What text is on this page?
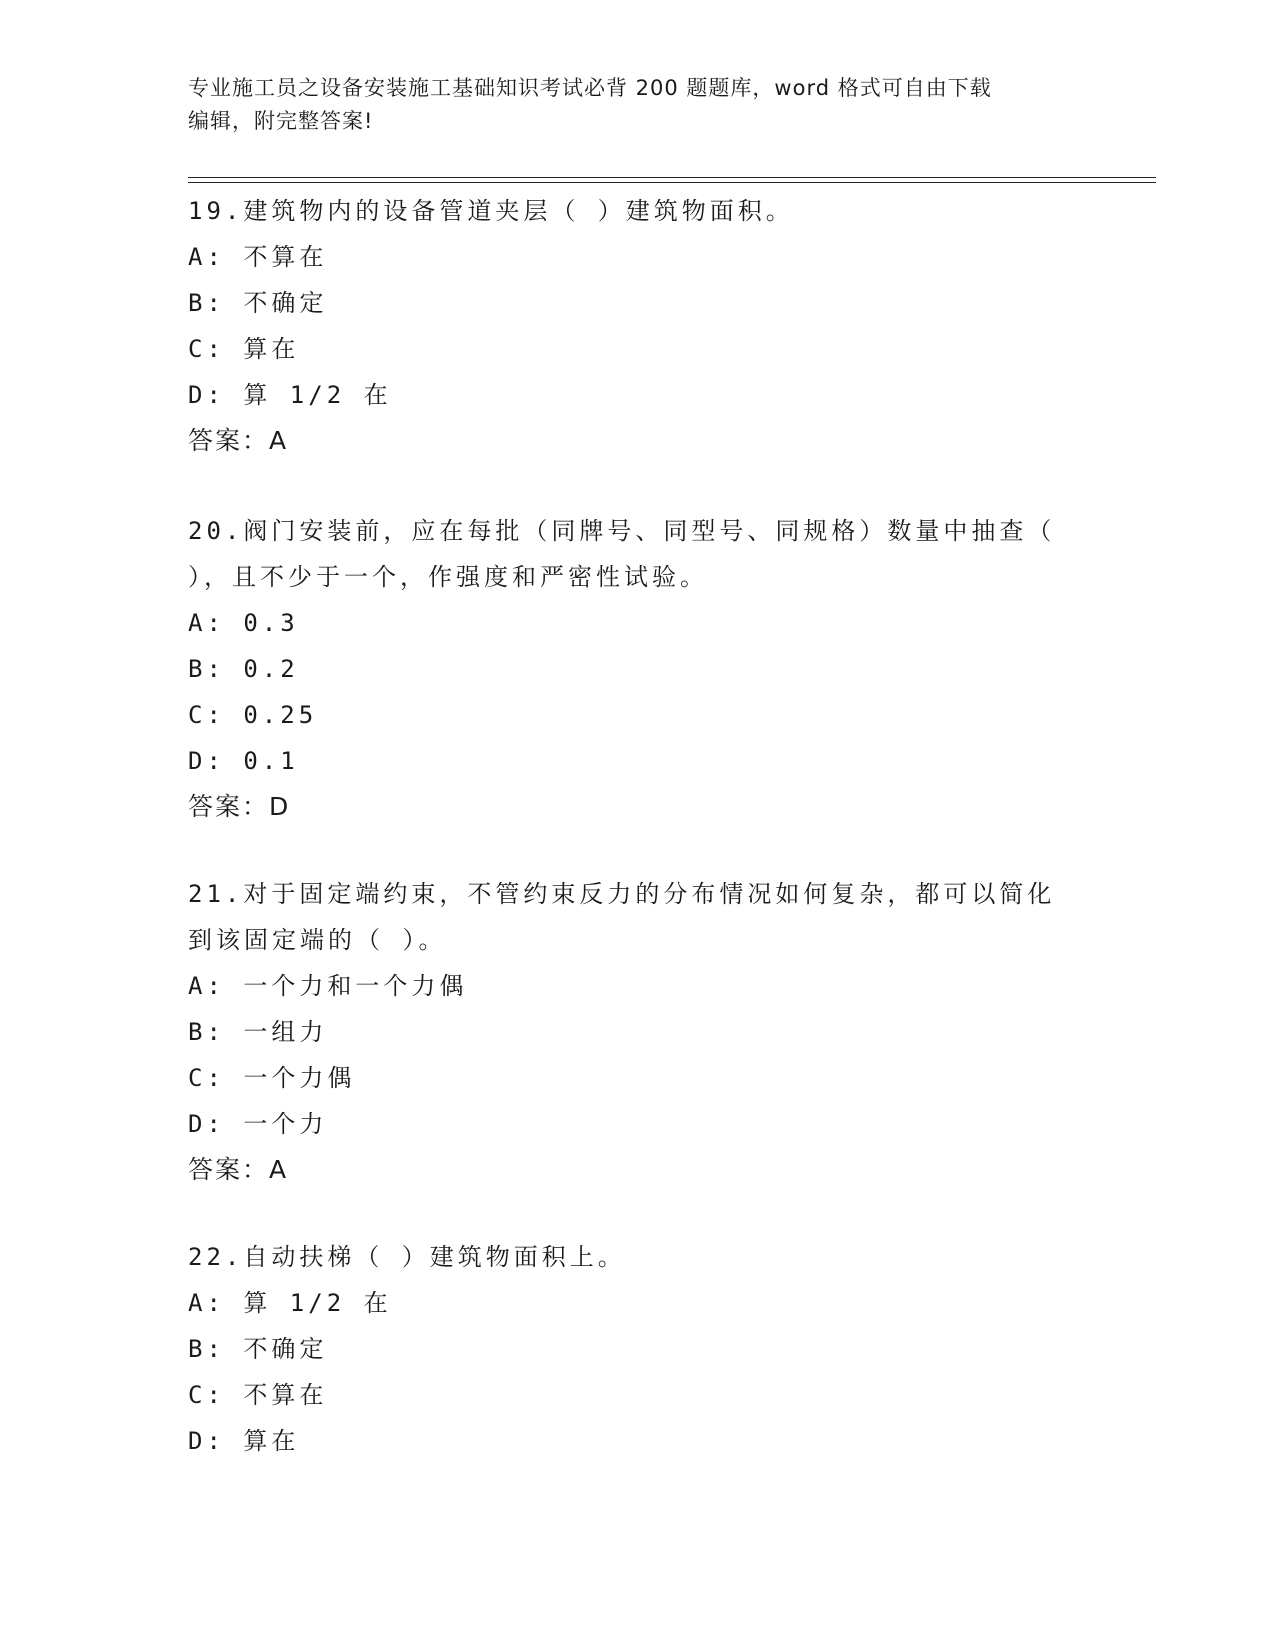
专业施工员之设备安装施工基础知识考试必背 200 题题库，word 格式可自由下载
编辑，附完整答案!

19.建筑物内的设备管道夹层（ ）建筑物面积。

A: 不算在

B: 不确定

C: 算在

D: 算 1/2 在

答案：A

20.阀门安装前，应在每批（同牌号、同型号、同规格）数量中抽查（

），且不少于一个，作强度和严密性试验。

A: 0.3

B: 0.2

C: 0.25

D: 0.1

答案：D

21.对于固定端约束，不管约束反力的分布情况如何复杂，都可以简化

到该固定端的（ ）。

A: 一个力和一个力偶

B: 一组力

C: 一个力偶

D: 一个力

答案：A

22.自动扶梯（ ）建筑物面积上。

A: 算 1/2 在

B: 不确定

C: 不算在

D: 算在
